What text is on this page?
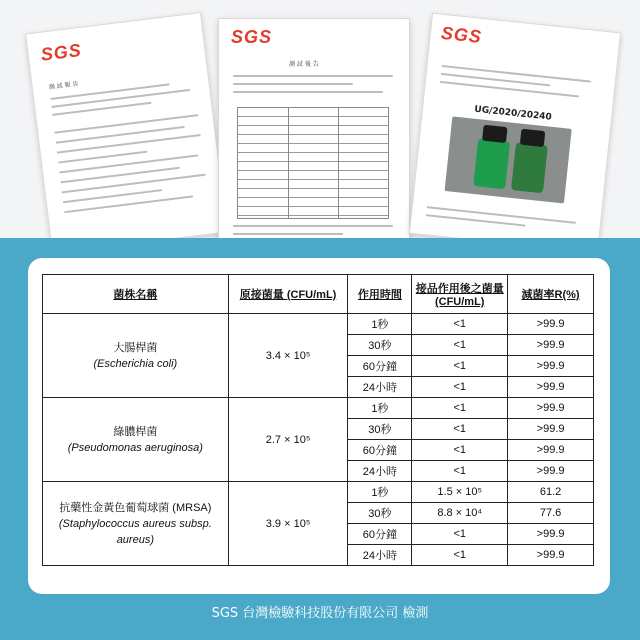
SGS
測 試 報 告
SGS
測 試 報 告
SGS
UG/2020/20240
菌株名稱	原接菌量 (CFU/mL)	作用時間	接品作用後之菌量(CFU/mL)	減菌率R(%)

大腸桿菌
(Escherichia coli)	3.4 × 10⁵	1秒	<1	>99.9
		30秒	<1	>99.9
		60分鐘	<1	>99.9
		24小時	<1	>99.9

綠膿桿菌
(Pseudomonas aeruginosa)	2.7 × 10⁵	1秒	<1	>99.9
		30秒	<1	>99.9
		60分鐘	<1	>99.9
		24小時	<1	>99.9

抗藥性金黃色葡萄球菌 (MRSA)
(Staphylococcus aureus subsp. aureus)	3.9 × 10⁵	1秒	1.5 × 10⁵	61.2
		30秒	8.8 × 10⁴	77.6
		60分鐘	<1	>99.9
		24小時	<1	>99.9
SGS 台灣檢驗科技股份有限公司 檢測
